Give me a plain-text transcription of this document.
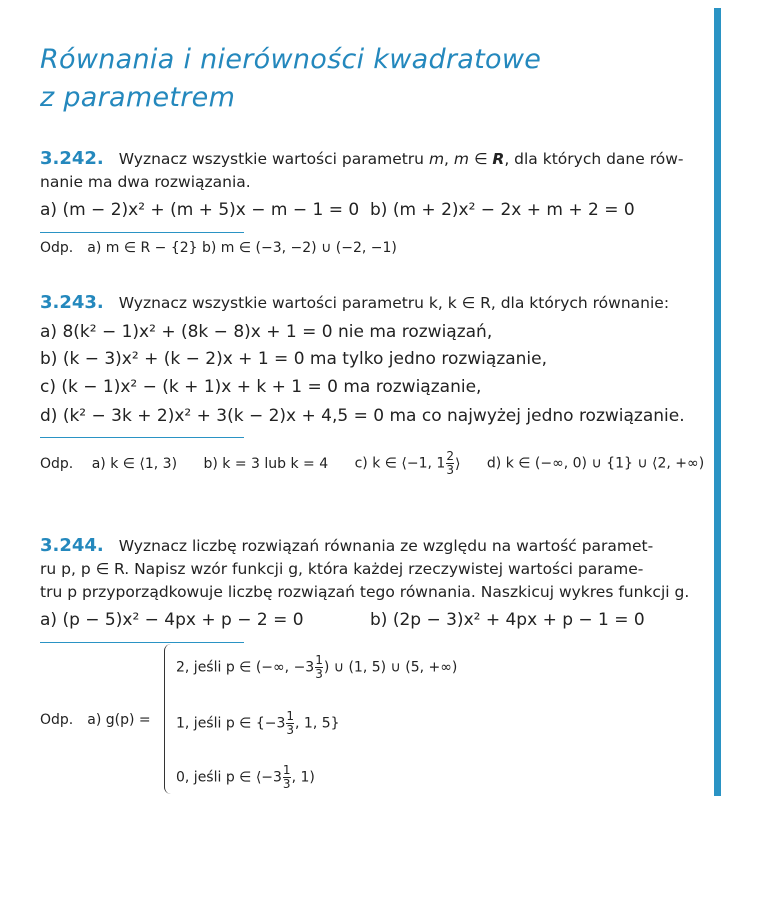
Równania i nierówności kwadratowe
z parametrem
3.242. Wyznacz wszystkie wartości parametru m, m ∈ R, dla których dane rów-
nanie ma dwa rozwiązania.
a) (m − 2)x² + (m + 5)x − m − 1 = 0 b) (m + 2)x² − 2x + m + 2 = 0
Odp. a) m ∈ R − {2} b) m ∈ (−3, −2) ∪ (−2, −1)
3.243. Wyznacz wszystkie wartości parametru k, k ∈ R, dla których równanie:
a) 8(k² − 1)x² + (8k − 8)x + 1 = 0 nie ma rozwiązań,
b) (k − 3)x² + (k − 2)x + 1 = 0 ma tylko jedno rozwiązanie,
c) (k − 1)x² − (k + 1)x + k + 1 = 0 ma rozwiązanie,
d) (k² − 3k + 2)x² + 3(k − 2)x + 4,5 = 0 ma co najwyżej jedno rozwiązanie.
Odp. a) k ∈ ⟨1, 3) b) k = 3 lub k = 4 c) k ∈ ⟨−1, $1 \frac{2}{3}$ ⟩ d) k ∈ (−∞, 0) ∪ {1} ∪ ⟨2, +∞)
3.244. Wyznacz liczbę rozwiązań równania ze względu na wartość paramet-
ru p, p ∈ R. Napisz wzór funkcji g, która każdej rzeczywistej wartości parame-
tru p przyporządkowuje liczbę rozwiązań tego równania. Naszkicuj wykres funkcji g.
a) (p − 5)x² − 4px + p − 2 = 0	b) (2p − 3)x² + 4px + p − 1 = 0
Odp. a) g(p) =
2, jeśli p ∈ (−∞, $-3 \frac{1}{3}$ ) ∪ (1, 5) ∪ (5, +∞)
1, jeśli p ∈ {$-3 \frac{1}{3}$ , 1, 5}
0, jeśli p ∈ ⟨−3 $\frac{1}{3}$ , 1)
